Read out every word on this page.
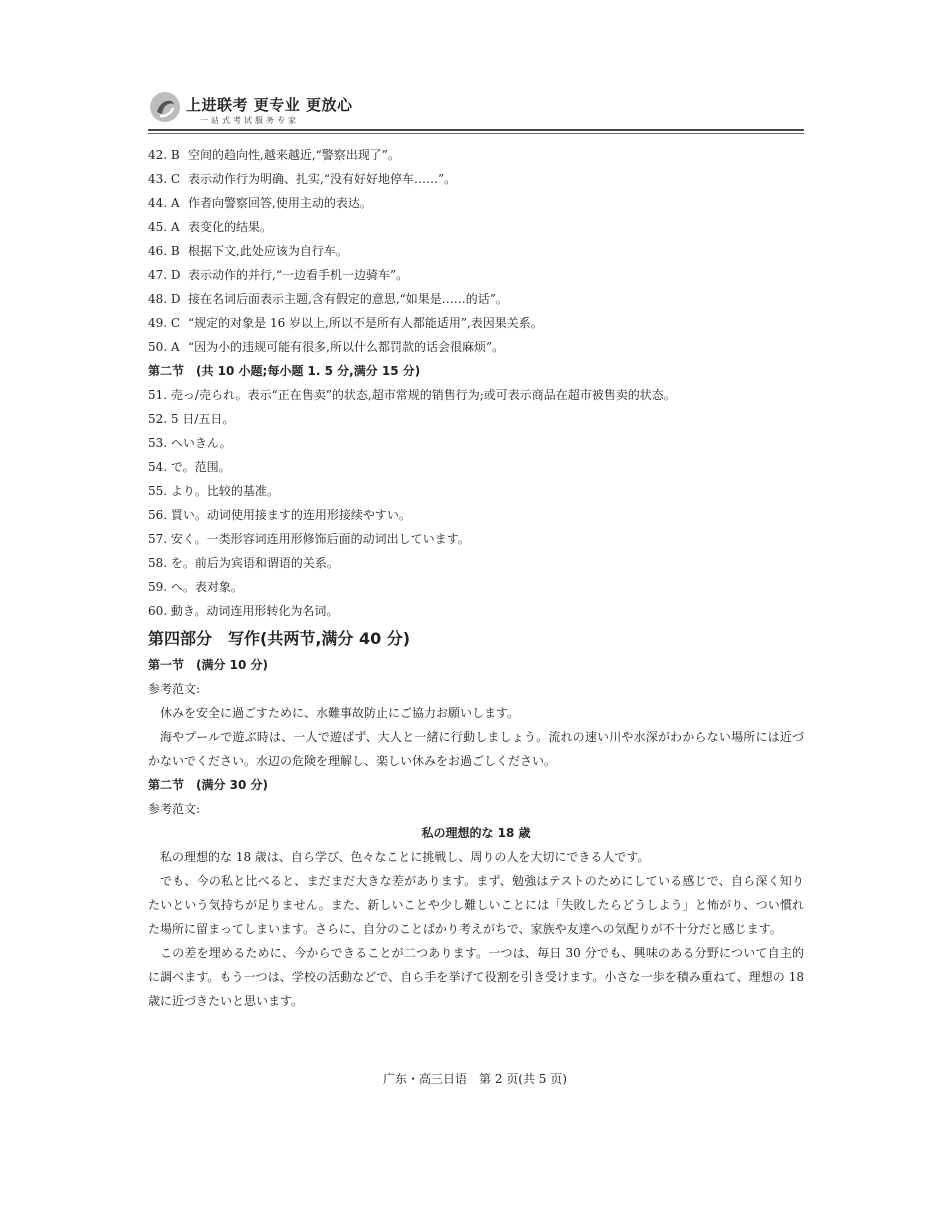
上进联考 更专业 更放心
一站式考试服务专家
42. B 空间的趋向性,越来越近,“警察出现了”。
43. C 表示动作行为明确、扎实,“没有好好地停车……”。
44. A 作者向警察回答,使用主动的表达。
45. A 表变化的结果。
46. B 根据下文,此处应该为自行车。
47. D 表示动作的并行,“一边看手机一边骑车”。
48. D 接在名词后面表示主题,含有假定的意思,“如果是……的话”。
49. C “规定的对象是 16 岁以上,所以不是所有人都能适用”,表因果关系。
50. A “因为小的违规可能有很多,所以什么都罚款的话会很麻烦”。
第二节　(共 10 小题;每小题 1. 5 分,满分 15 分)
51. 売っ/売られ。表示“正在售卖”的状态,超市常规的销售行为;或可表示商品在超市被售卖的状态。
52. 5 日/五日。
53. へいきん。
54. で。范围。
55. より。比较的基准。
56. 買い。动词使用接ます的连用形接续やすい。
57. 安く。一类形容词连用形修饰后面的动词出しています。
58. を。前后为宾语和谓语的关系。
59. へ。表对象。
60. 動き。动词连用形转化为名词。
第四部分　写作(共两节,满分 40 分)
第一节　(满分 10 分)
参考范文:
休みを安全に過ごすために、水難事故防止にご協力お願いします。
海やプールで遊ぶ時は、一人で遊ばず、大人と一緒に行動しましょう。流れの速い川や水深がわからない場所には近づかないでください。水辺の危険を理解し、楽しい休みをお過ごしください。
第二节　(满分 30 分)
参考范文:
私の理想的な 18 歳
私の理想的な 18 歳は、自ら学び、色々なことに挑戦し、周りの人を大切にできる人です。
でも、今の私と比べると、まだまだ大きな差があります。まず、勉強はテストのためにしている感じで、自ら深く知りたいという気持ちが足りません。また、新しいことや少し難しいことには「失敗したらどうしよう」と怖がり、つい慣れた場所に留まってしまいます。さらに、自分のことばかり考えがちで、家族や友達への気配りが不十分だと感じます。
この差を埋めるために、今からできることが二つあります。一つは、毎日 30 分でも、興味のある分野について自主的に調べます。もう一つは、学校の活動などで、自ら手を挙げて役割を引き受けます。小さな一歩を積み重ねて、理想の 18 歳に近づきたいと思います。
广东・高三日语　第 2 页(共 5 页)
